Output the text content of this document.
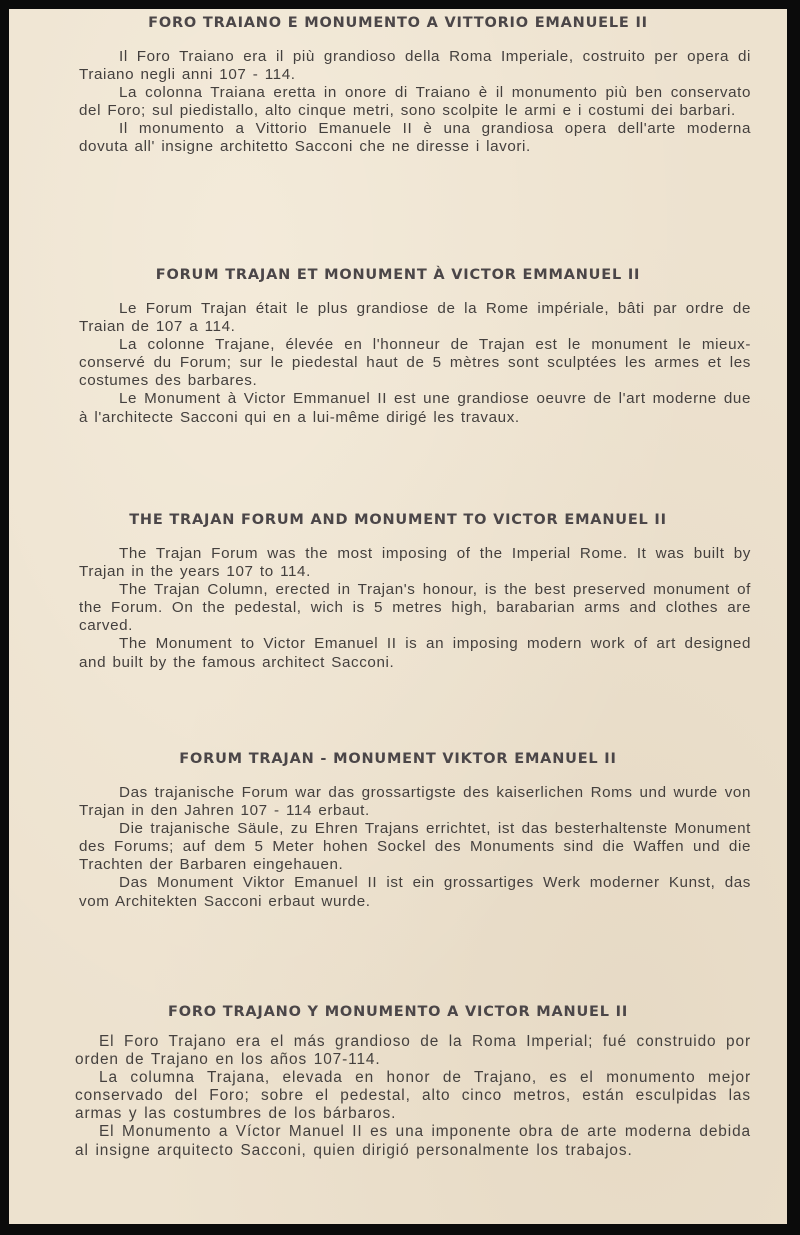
FORO TRAIANO E MONUMENTO A VITTORIO EMANUELE II

Il Foro Traiano era il più grandioso della Roma Imperiale, costruito per opera di Traiano negli anni 107 - 114.

La colonna Traiana eretta in onore di Traiano è il monumento più ben conservato del Foro; sul piedistallo, alto cinque metri, sono scolpite le armi e i costumi dei barbari.

Il monumento a Vittorio Emanuele II è una grandiosa opera dell'arte moderna dovuta all' insigne architetto Sacconi che ne diresse i lavori.

FORUM TRAJAN ET MONUMENT À VICTOR EMMANUEL II

Le Forum Trajan était le plus grandiose de la Rome impériale, bâti par ordre de Traian de 107 a 114.

La colonne Trajane, élevée en l'honneur de Trajan est le monument le mieux-conservé du Forum; sur le piedestal haut de 5 mètres sont sculptées les armes et les costumes des barbares.

Le Monument à Victor Emmanuel II est une grandiose oeuvre de l'art moderne due à l'architecte Sacconi qui en a lui-même dirigé les travaux.

THE TRAJAN FORUM AND MONUMENT TO VICTOR EMANUEL II

The Trajan Forum was the most imposing of the Imperial Rome. It was built by Trajan in the years 107 to 114.

The Trajan Column, erected in Trajan's honour, is the best preserved monument of the Forum. On the pedestal, wich is 5 metres high, barabarian arms and clothes are carved.

The Monument to Victor Emanuel II is an imposing modern work of art designed and built by the famous architect Sacconi.

FORUM TRAJAN - MONUMENT VIKTOR EMANUEL II

Das trajanische Forum war das grossartigste des kaiserlichen Roms und wurde von Trajan in den Jahren 107 - 114 erbaut.

Die trajanische Säule, zu Ehren Trajans errichtet, ist das besterhaltenste Monument des Forums; auf dem 5 Meter hohen Sockel des Monuments sind die Waffen und die Trachten der Barbaren eingehauen.

Das Monument Viktor Emanuel II ist ein grossartiges Werk moderner Kunst, das vom Architekten Sacconi erbaut wurde.

FORO TRAJANO Y MONUMENTO A VICTOR MANUEL II

El Foro Trajano era el más grandioso de la Roma Imperial; fué construido por orden de Trajano en los años 107-114.

La columna Trajana, elevada en honor de Trajano, es el monumento mejor conservado del Foro; sobre el pedestal, alto cinco metros, están esculpidas las armas y las costumbres de los bárbaros.

El Monumento a Víctor Manuel II es una imponente obra de arte moderna debida al insigne arquitecto Sacconi, quien dirigió personalmente los trabajos.
